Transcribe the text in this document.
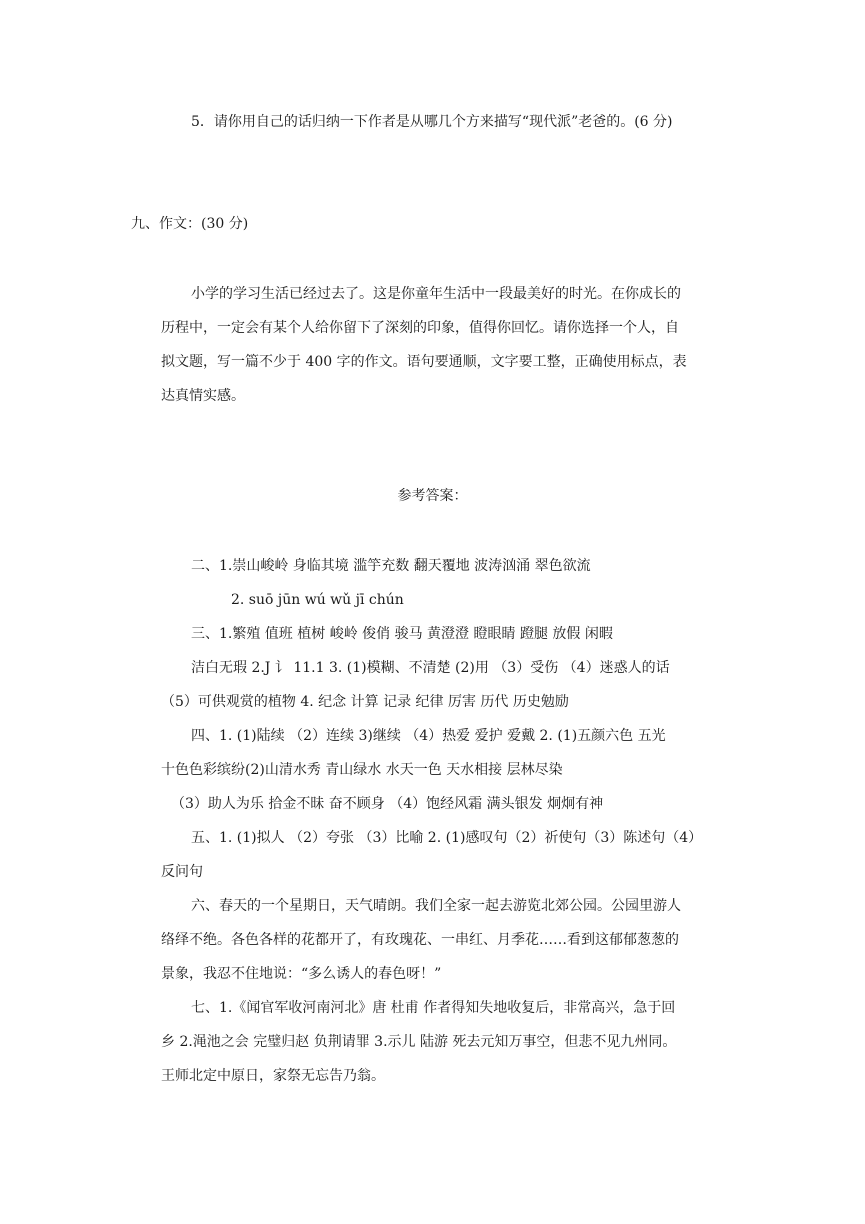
5．请你用自己的话归纳一下作者是从哪几个方来描写“现代派”老爸的。(6 分)
九、作文：(30 分)
小学的学习生活已经过去了。这是你童年生活中一段最美好的时光。在你成长的
历程中，一定会有某个人给你留下了深刻的印象，值得你回忆。请你选择一个人，自
拟文题，写一篇不少于 400 字的作文。语句要通顺，文字要工整，正确使用标点，表
达真情实感。
参考答案：
二、1.崇山峻岭 身临其境 滥竽充数 翻天覆地 波涛汹涌 翠色欲流
2. suō jūn wú wǔ jī chún
三、1.繁殖 值班 植树 峻岭 俊俏 骏马 黄澄澄 瞪眼睛 蹬腿 放假 闲暇
洁白无瑕 2.J 讠 11.1 3. (1)模糊、不清楚 (2)用 （3）受伤 （4）迷惑人的话
（5）可供观赏的植物 4. 纪念 计算 记录 纪律 厉害 历代 历史勉励
四、1. (1)陆续 （2）连续 3)继续 （4）热爱 爱护 爱戴 2. (1)五颜六色 五光
十色色彩缤纷(2)山清水秀 青山绿水 水天一色 天水相接 层林尽染
（3）助人为乐 拾金不昧 奋不顾身 （4）饱经风霜 满头银发 炯炯有神
五、1. (1)拟人 （2）夸张 （3）比喻 2. (1)感叹句（2）祈使句（3）陈述句（4）
反问句
六、春天的一个星期日，天气晴朗。我们全家一起去游览北郊公园。公园里游人
络绎不绝。各色各样的花都开了，有玫瑰花、一串红、月季花……看到这郁郁葱葱的
景象，我忍不住地说：“多么诱人的春色呀！”
七、1.《闻官军收河南河北》唐 杜甫 作者得知失地收复后，非常高兴，急于回
乡 2.渑池之会 完璧归赵 负荆请罪 3.示儿 陆游 死去元知万事空，但悲不见九州同。
王师北定中原日，家祭无忘告乃翁。
